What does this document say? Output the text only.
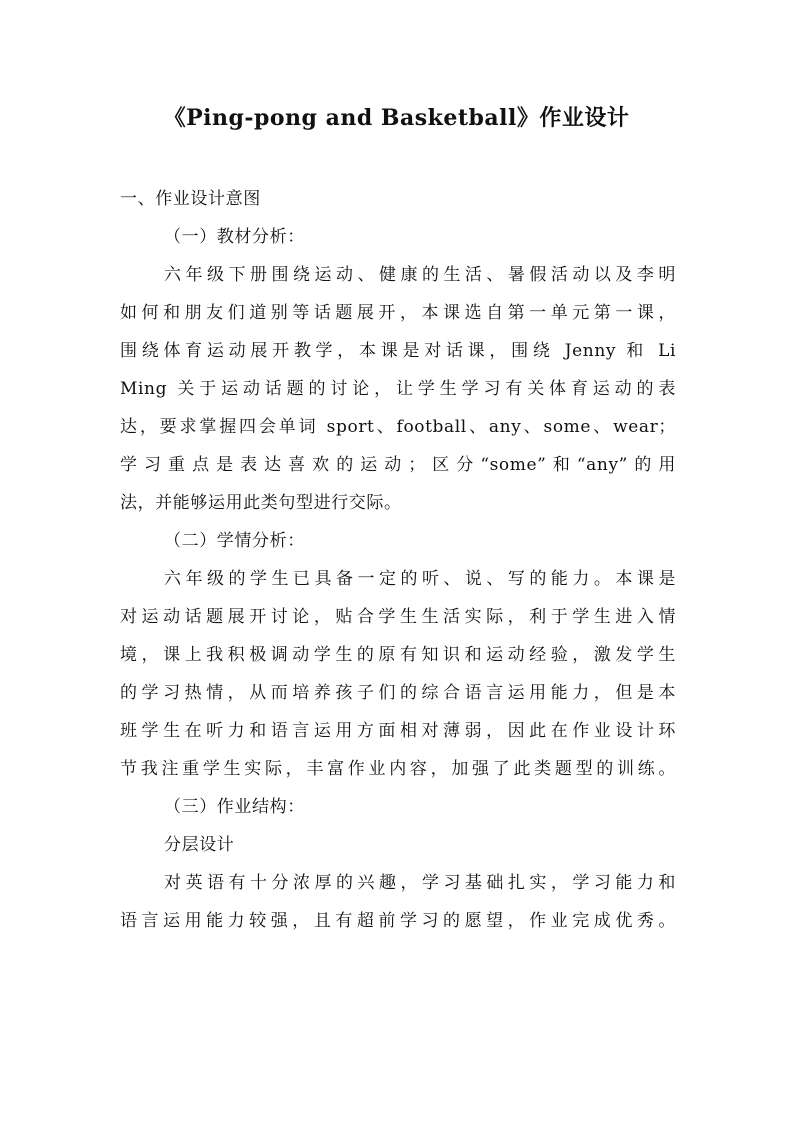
《Ping-pong and Basketball》作业设计
一、作业设计意图
（一）教材分析：
六年级下册围绕运动、健康的生活、暑假活动以及李明
如何和朋友们道别等话题展开，本课选自第一单元第一课，
围绕体育运动展开教学，本课是对话课，围绕 Jenny 和 Li
Ming 关于运动话题的讨论，让学生学习有关体育运动的表
达，要求掌握四会单词 sport、football、any、some、wear；
学习重点是表达喜欢的运动；区分“some”和“any”的用
法，并能够运用此类句型进行交际。
（二）学情分析：
六年级的学生已具备一定的听、说、写的能力。本课是
对运动话题展开讨论，贴合学生生活实际，利于学生进入情
境，课上我积极调动学生的原有知识和运动经验，激发学生
的学习热情，从而培养孩子们的综合语言运用能力，但是本
班学生在听力和语言运用方面相对薄弱，因此在作业设计环
节我注重学生实际，丰富作业内容，加强了此类题型的训练。
（三）作业结构：
分层设计
对英语有十分浓厚的兴趣，学习基础扎实，学习能力和
语言运用能力较强，且有超前学习的愿望，作业完成优秀。
